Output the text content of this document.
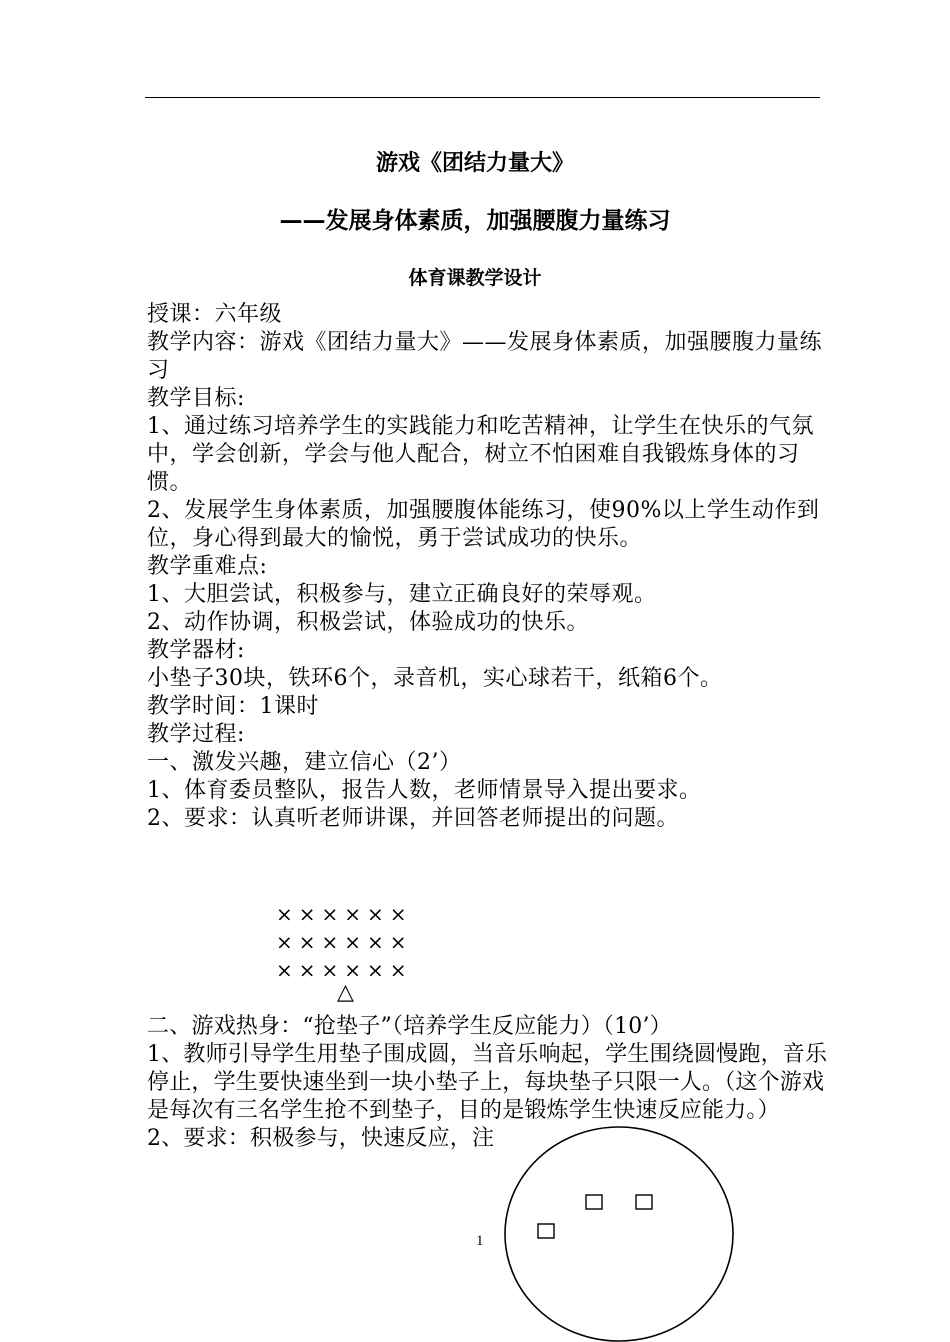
游戏《团结力量大》
——发展身体素质，加强腰腹力量练习
体育课教学设计

授课：六年级

教学内容：游戏《团结力量大》——发展身体素质，加强腰腹力量练习

教学目标:

1、通过练习培养学生的实践能力和吃苦精神，让学生在快乐的气氛中，学会创新，学会与他人配合，树立不怕困难自我锻炼身体的习惯。

2、发展学生身体素质，加强腰腹体能练习，使90%以上学生动作到位，身心得到最大的愉悦，勇于尝试成功的快乐。

教学重难点:

1、大胆尝试，积极参与，建立正确良好的荣辱观。

2、动作协调，积极尝试，体验成功的快乐。

教学器材:

小垫子30块，铁环6个，录音机，实心球若干，纸箱6个。

教学时间：1课时

教学过程:

一、激发兴趣，建立信心（2’）

1、体育委员整队，报告人数，老师情景导入提出要求。

2、要求：认真听老师讲课，并回答老师提出的问题。

××××××
××××××
××××××
△

二、游戏热身：“抢垫子”（培养学生反应能力）（10’）

1、教师引导学生用垫子围成圆，当音乐响起，学生围绕圆慢跑，音乐停止，学生要快速坐到一块小垫子上，每块垫子只限一人。（这个游戏是每次有三名学生抢不到垫子，目的是锻炼学生快速反应能力。）

2、要求：积极参与，快速反应，注

1
